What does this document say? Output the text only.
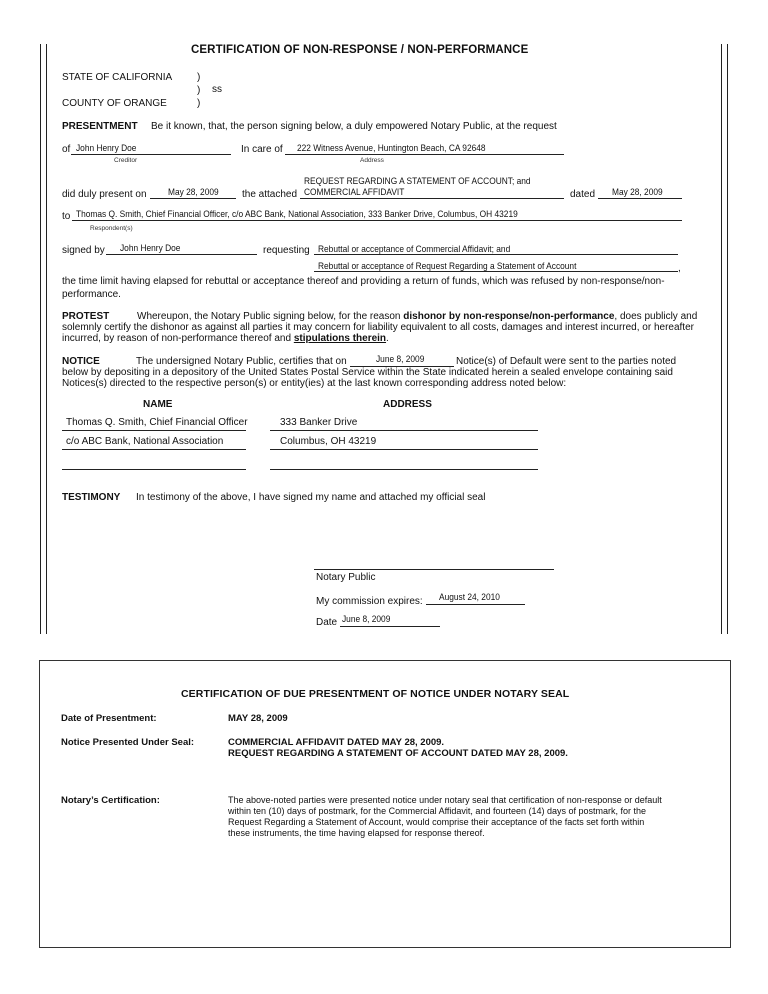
CERTIFICATION OF NON-RESPONSE / NON-PERFORMANCE
STATE OF CALIFORNIA )
) ss
COUNTY OF ORANGE	)
PRESENTMENT Be it known, that, the person signing below, a duly empowered Notary Public, at the request
of John Henry Doe
Creditor
In care of 222 Witness Avenue, Huntington Beach, CA 92648
Address
REQUEST REGARDING A STATEMENT OF ACCOUNT; and
did duly present on May 28, 2009 the attached COMMERCIAL AFFIDAVIT	dated May 28, 2009
to Thomas Q. Smith, Chief Financial Officer, c/o ABC Bank, National Association, 333 Banker Drive, Columbus, OH 43219
Respondent(s)
signed by John Henry Doe	requesting Rebuttal or acceptance of Commercial Affidavit; and
Rebuttal or acceptance of Request Regarding a Statement of Account	,
the time limit having elapsed for rebuttal or acceptance thereof and providing a return of funds, which was refused by non-response/non-
performance.
PROTEST	Whereupon, the Notary Public signing below, for the reason dishonor by non-response/non-performance, does publicly and
solemnly certify the dishonor as against all parties it may concern for liability equivalent to all costs, damages and interest incurred, or hereafter
incurred, by reason of non-performance thereof and stipulations therein.
NOTICE	The undersigned Notary Public, certifies that on	June 8, 2009	Notice(s) of Default were sent to the parties noted
below by depositing in a depository of the United States Postal Service within the State indicated herein a sealed envelope containing said
Notices(s) directed to the respective person(s) or entity(ies) at the last known corresponding address noted below:
NAME	ADDRESS
Thomas Q. Smith, Chief Financial Officer	333 Banker Drive
c/o ABC Bank, National Association	Columbus, OH 43219
TESTIMONY In testimony of the above, I have signed my name and attached my official seal
Notary Public
My commission expires: August 24, 2010
Date June 8, 2009
CERTIFICATION OF DUE PRESENTMENT OF NOTICE UNDER NOTARY SEAL
Date of Presentment:	MAY 28, 2009
Notice Presented Under Seal:	COMMERCIAL AFFIDAVIT DATED MAY 28, 2009.
REQUEST REGARDING A STATEMENT OF ACCOUNT DATED MAY 28, 2009.
Notary’s Certification:	The above-noted parties were presented notice under notary seal that certification of non-response or default
within ten (10) days of postmark, for the Commercial Affidavit, and fourteen (14) days of postmark, for the
Request Regarding a Statement of Account, would comprise their acceptance of the facts set forth within
these instruments, the time having elapsed for response thereof.
